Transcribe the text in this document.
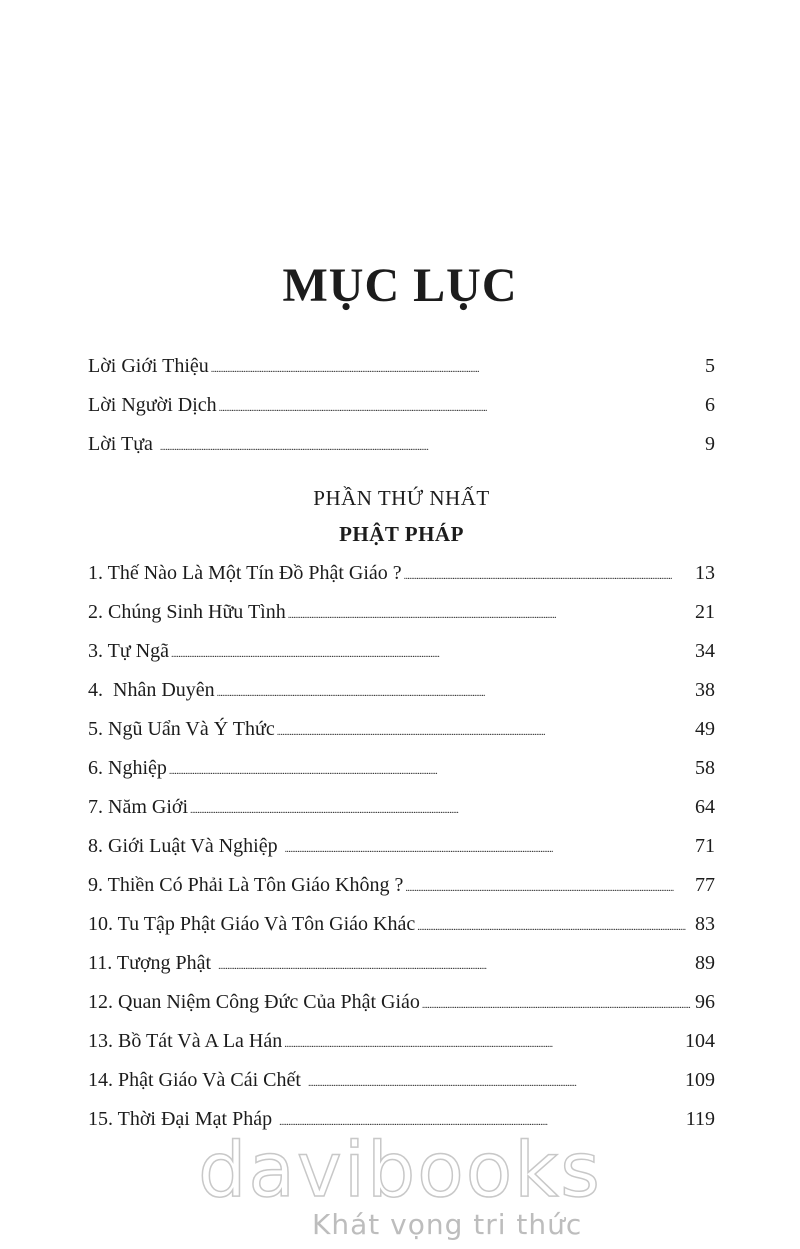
MỤC LỤC
Lời Giới Thiệu . . .	5
Lời Người Dịch . . .	6
Lời Tựa . . .	9
PHẦN THỨ NHẤT
PHẬT PHÁP
1. Thế Nào Là Một Tín Đồ Phật Giáo ? . . .	13
2. Chúng Sinh Hữu Tình . . .	21
3. Tự Ngã . . .	34
4.  Nhân Duyên . . .	38
5. Ngũ Uẩn Và Ý Thức . . .	49
6. Nghiệp . . .	58
7. Năm Giới . . .	64
8. Giới Luật Và Nghiệp . . .	71
9. Thiền Có Phải Là Tôn Giáo Không ? . . .	77
10. Tu Tập Phật Giáo Và Tôn Giáo Khác . . .	83
11. Tượng Phật . . .	89
12. Quan Niệm Công Đức Của Phật Giáo . . .	96
13. Bồ Tát Và A La Hán . . .	104
14. Phật Giáo Và Cái Chết . . .	109
15. Thời Đại Mạt Pháp . . .	119
davibooks
Khát vọng tri thức
